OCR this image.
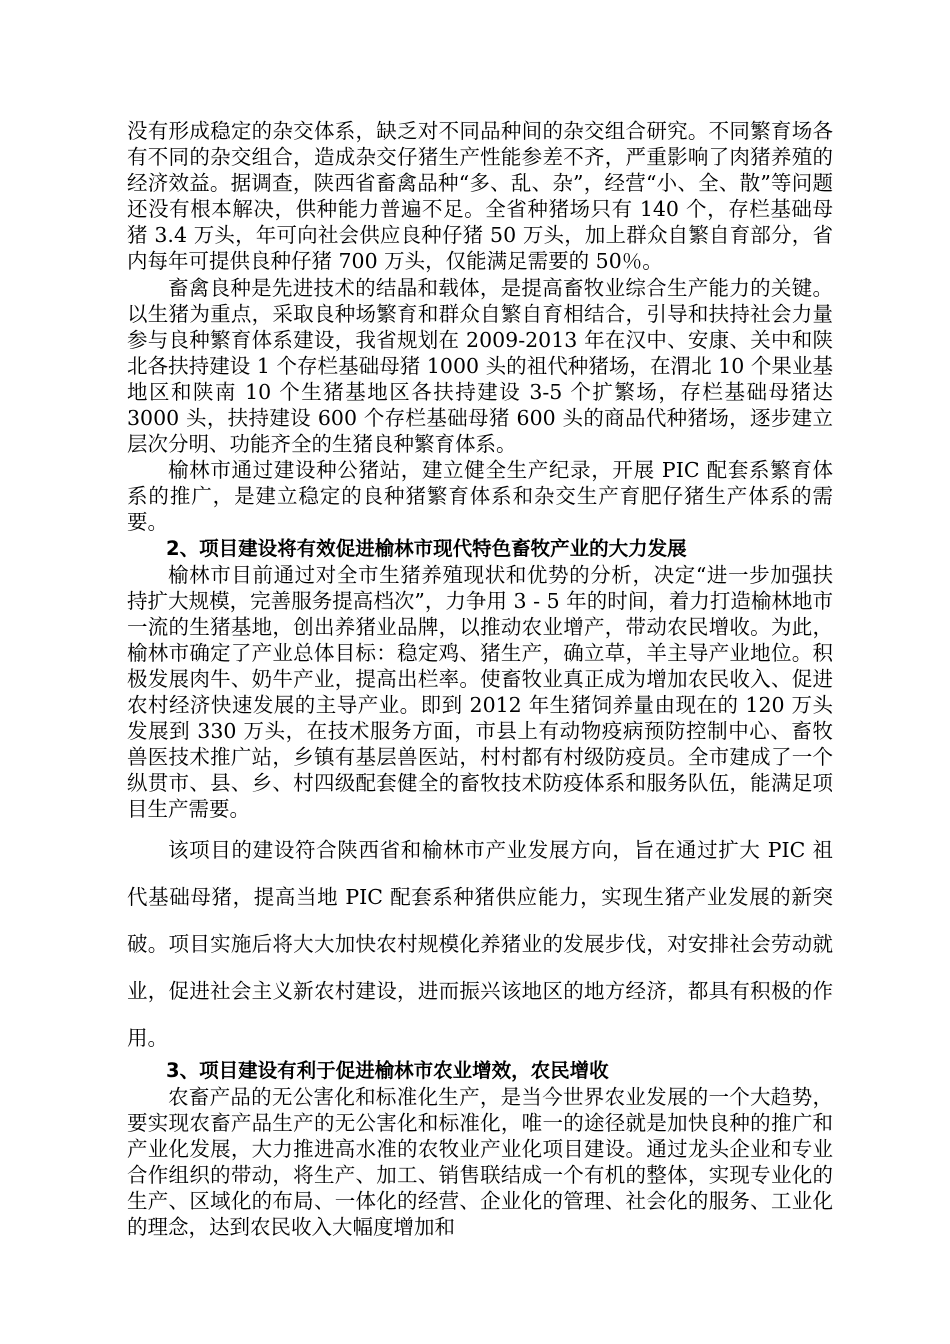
没有形成稳定的杂交体系，缺乏对不同品种间的杂交组合研究。不同繁育场各有不同的杂交组合，造成杂交仔猪生产性能参差不齐，严重影响了肉猪养殖的经济效益。据调查，陕西省畜禽品种“多、乱、杂”，经营“小、全、散”等问题还没有根本解决，供种能力普遍不足。全省种猪场只有 140 个，存栏基础母猪 3.4 万头，年可向社会供应良种仔猪 50 万头，加上群众自繁自育部分，省内每年可提供良种仔猪 700 万头，仅能满足需要的 50％。

畜禽良种是先进技术的结晶和载体，是提高畜牧业综合生产能力的关键。以生猪为重点，采取良种场繁育和群众自繁自育相结合，引导和扶持社会力量参与良种繁育体系建设，我省规划在 2009-2013 年在汉中、安康、关中和陕北各扶持建设 1 个存栏基础母猪 1000 头的祖代种猪场，在渭北 10 个果业基地区和陕南 10 个生猪基地区各扶持建设 3-5 个扩繁场，存栏基础母猪达 3000 头，扶持建设 600 个存栏基础母猪 600 头的商品代种猪场，逐步建立层次分明、功能齐全的生猪良种繁育体系。

榆林市通过建设种公猪站，建立健全生产纪录，开展 PIC 配套系繁育体系的推广，是建立稳定的良种猪繁育体系和杂交生产育肥仔猪生产体系的需要。

2、项目建设将有效促进榆林市现代特色畜牧产业的大力发展

榆林市目前通过对全市生猪养殖现状和优势的分析，决定“进一步加强扶持扩大规模，完善服务提高档次”，力争用 3 - 5 年的时间，着力打造榆林地市一流的生猪基地，创出养猪业品牌，以推动农业增产，带动农民增收。为此，榆林市确定了产业总体目标：稳定鸡、猪生产，确立草，羊主导产业地位。积极发展肉牛、奶牛产业，提高出栏率。使畜牧业真正成为增加农民收入、促进农村经济快速发展的主导产业。即到 2012 年生猪饲养量由现在的 120 万头发展到 330 万头，在技术服务方面，市县上有动物疫病预防控制中心、畜牧兽医技术推广站，乡镇有基层兽医站，村村都有村级防疫员。全市建成了一个纵贯市、县、乡、村四级配套健全的畜牧技术防疫体系和服务队伍，能满足项目生产需要。

该项目的建设符合陕西省和榆林市产业发展方向，旨在通过扩大 PIC 祖代基础母猪，提高当地 PIC 配套系种猪供应能力，实现生猪产业发展的新突破。项目实施后将大大加快农村规模化养猪业的发展步伐，对安排社会劳动就业，促进社会主义新农村建设，进而振兴该地区的地方经济，都具有积极的作用。

3、项目建设有利于促进榆林市农业增效，农民增收

农畜产品的无公害化和标准化生产，是当今世界农业发展的一个大趋势，要实现农畜产品生产的无公害化和标准化，唯一的途径就是加快良种的推广和产业化发展，大力推进高水准的农牧业产业化项目建设。通过龙头企业和专业合作组织的带动，将生产、加工、销售联结成一个有机的整体，实现专业化的生产、区域化的布局、一体化的经营、企业化的管理、社会化的服务、工业化的理念，达到农民收入大幅度增加和
